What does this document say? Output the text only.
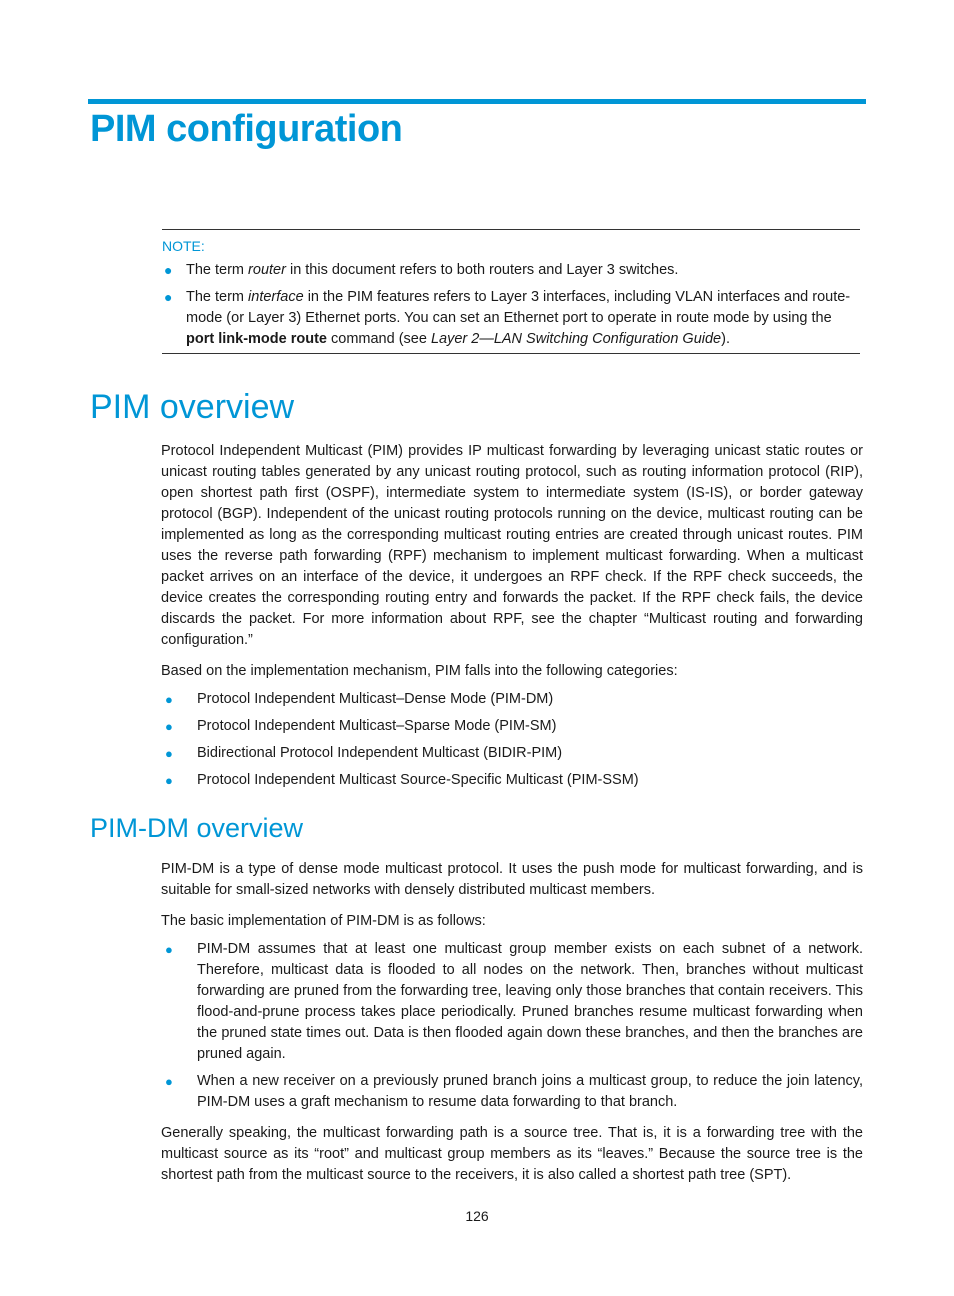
PIM configuration

NOTE:

● The term router in this document refers to both routers and Layer 3 switches.
● The term interface in the PIM features refers to Layer 3 interfaces, including VLAN interfaces and route-mode (or Layer 3) Ethernet ports. You can set an Ethernet port to operate in route mode by using the port link-mode route command (see Layer 2—LAN Switching Configuration Guide).
PIM overview

Protocol Independent Multicast (PIM) provides IP multicast forwarding by leveraging unicast static routes or unicast routing tables generated by any unicast routing protocol, such as routing information protocol (RIP), open shortest path first (OSPF), intermediate system to intermediate system (IS-IS), or border gateway protocol (BGP). Independent of the unicast routing protocols running on the device, multicast routing can be implemented as long as the corresponding multicast routing entries are created through unicast routes. PIM uses the reverse path forwarding (RPF) mechanism to implement multicast forwarding. When a multicast packet arrives on an interface of the device, it undergoes an RPF check. If the RPF check succeeds, the device creates the corresponding routing entry and forwards the packet. If the RPF check fails, the device discards the packet. For more information about RPF, see the chapter “Multicast routing and forwarding configuration.”

Based on the implementation mechanism, PIM falls into the following categories:

● Protocol Independent Multicast–Dense Mode (PIM-DM)
● Protocol Independent Multicast–Sparse Mode (PIM-SM)
● Bidirectional Protocol Independent Multicast (BIDIR-PIM)
● Protocol Independent Multicast Source-Specific Multicast (PIM-SSM)
PIM-DM overview

PIM-DM is a type of dense mode multicast protocol. It uses the push mode for multicast forwarding, and is suitable for small-sized networks with densely distributed multicast members.

The basic implementation of PIM-DM is as follows:

● PIM-DM assumes that at least one multicast group member exists on each subnet of a network. Therefore, multicast data is flooded to all nodes on the network. Then, branches without multicast forwarding are pruned from the forwarding tree, leaving only those branches that contain receivers. This flood-and-prune process takes place periodically. Pruned branches resume multicast forwarding when the pruned state times out. Data is then flooded again down these branches, and then the branches are pruned again.
● When a new receiver on a previously pruned branch joins a multicast group, to reduce the join latency, PIM-DM uses a graft mechanism to resume data forwarding to that branch.

Generally speaking, the multicast forwarding path is a source tree. That is, it is a forwarding tree with the multicast source as its “root” and multicast group members as its “leaves.” Because the source tree is the shortest path from the multicast source to the receivers, it is also called a shortest path tree (SPT).

126
